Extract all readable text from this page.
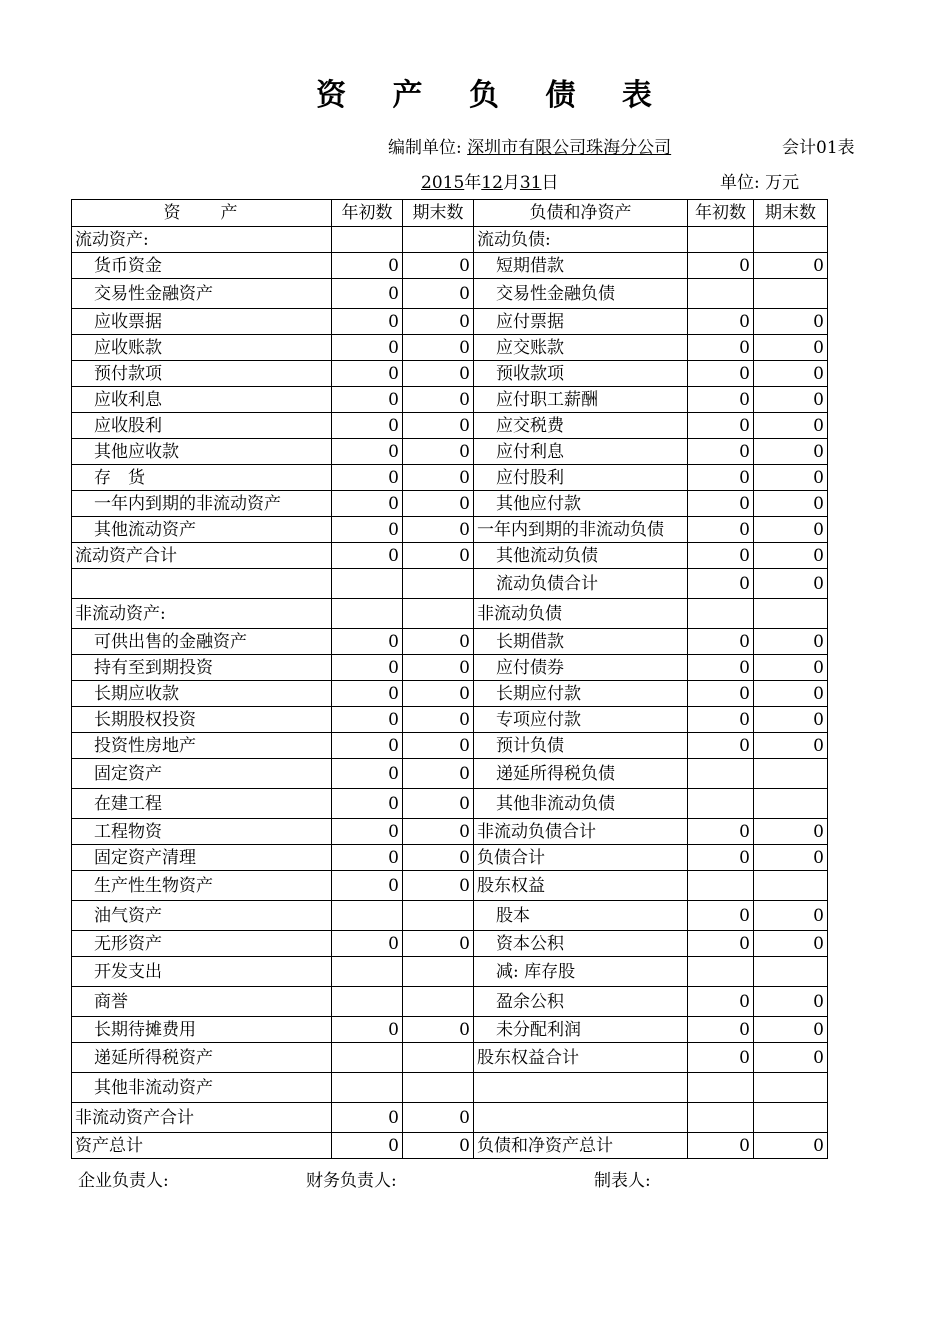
资 产 负 债 表
编制单位: 深圳市有限公司珠海分公司	会计01表
2015年12月31日	单位: 万元
资　　产	年初数	期末数	负债和净资产	年初数	期末数
流动资产:			流动负债:		
货币资金	0	0	短期借款	0	0
交易性金融资产	0	0	交易性金融负债		
应收票据	0	0	应付票据	0	0
应收账款	0	0	应交账款	0	0
预付款项	0	0	预收款项	0	0
应收利息	0	0	应付职工薪酬	0	0
应收股利	0	0	应交税费	0	0
其他应收款	0	0	应付利息	0	0
存　货	0	0	应付股利	0	0
一年内到期的非流动资产	0	0	其他应付款	0	0
其他流动资产	0	0	一年内到期的非流动负债	0	0
流动资产合计	0	0	其他流动负债	0	0
			流动负债合计	0	0
非流动资产:			非流动负债		
可供出售的金融资产	0	0	长期借款	0	0
持有至到期投资	0	0	应付债券	0	0
长期应收款	0	0	长期应付款	0	0
长期股权投资	0	0	专项应付款	0	0
投资性房地产	0	0	预计负债	0	0
固定资产	0	0	递延所得税负债		
在建工程	0	0	其他非流动负债		
工程物资	0	0	非流动负债合计	0	0
固定资产清理	0	0	负债合计	0	0
生产性生物资产	0	0	股东权益		
油气资产			股本	0	0
无形资产	0	0	资本公积	0	0
开发支出			减: 库存股		
商誉			盈余公积	0	0
长期待摊费用	0	0	未分配利润	0	0
递延所得税资产			股东权益合计	0	0
其他非流动资产					
非流动资产合计	0	0			
资产总计	0	0	负债和净资产总计	0	0
企业负责人:	财务负责人:	制表人:
